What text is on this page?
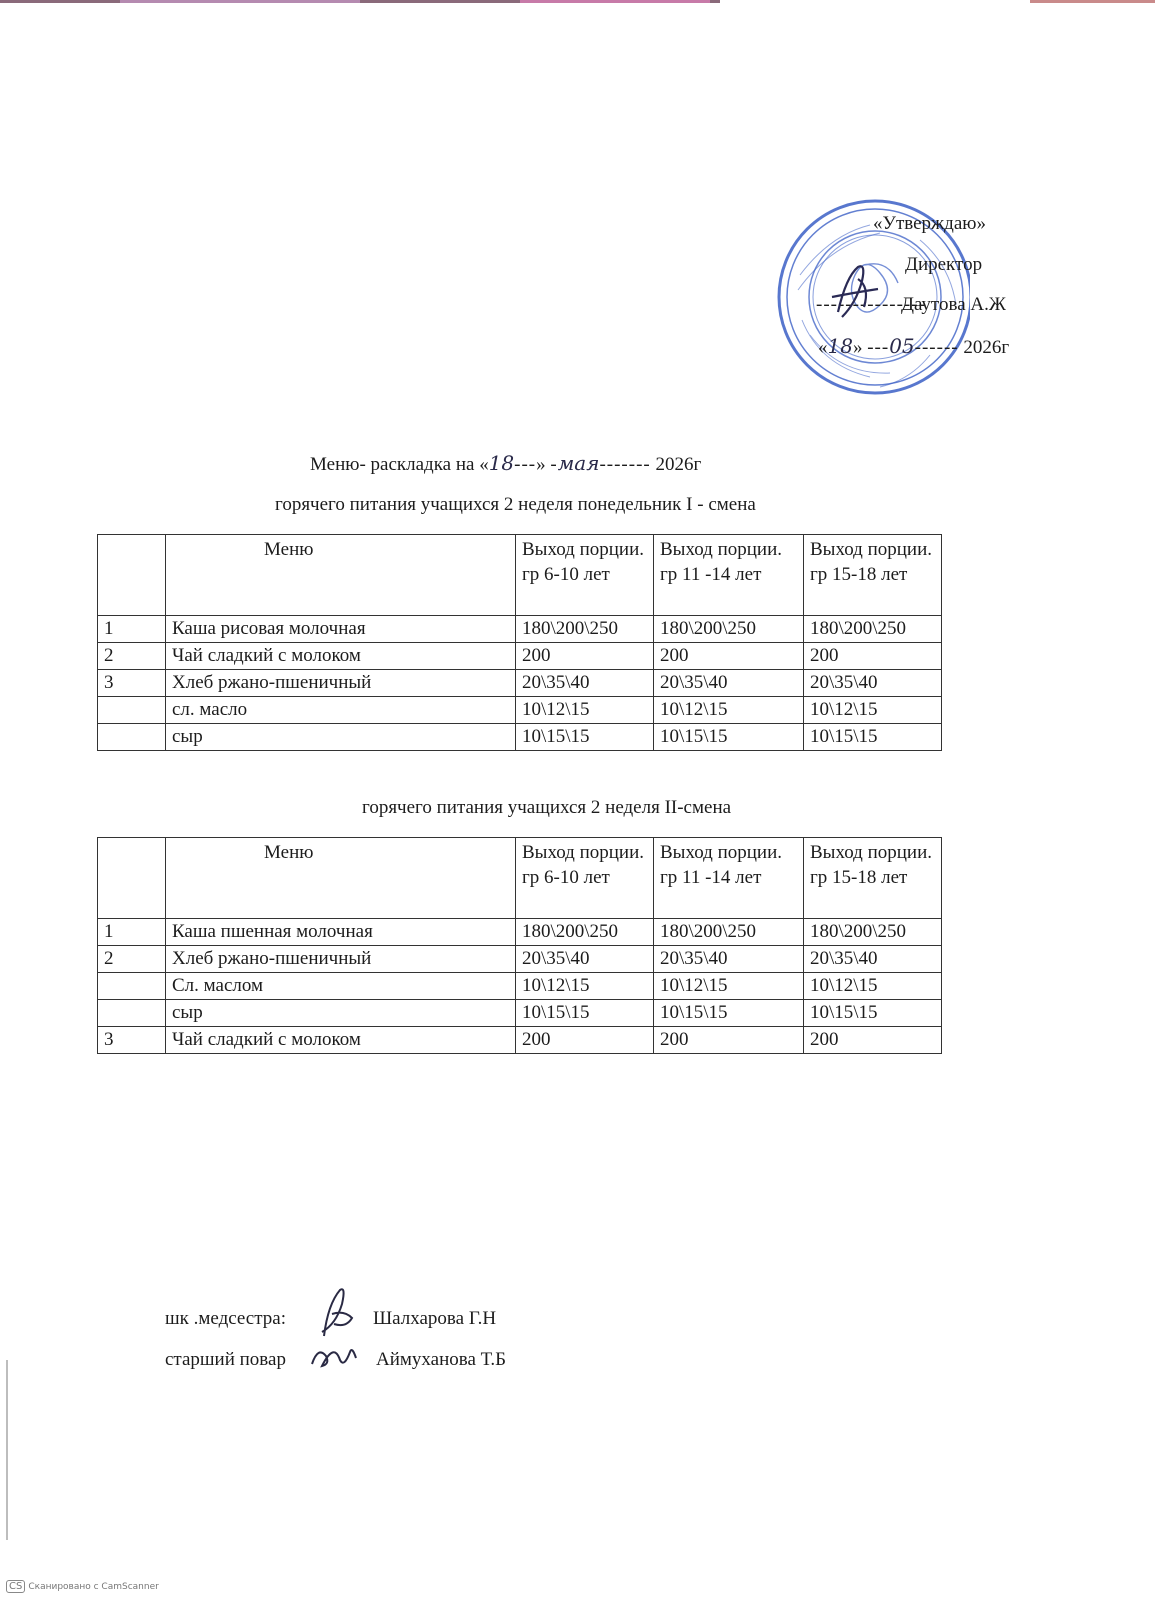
«Утверждаю»
Директор
---------------
Даутова А.Ж
«18» ---05------ 2026г
Меню- раскладка на «18---» -мая------- 2026г
горячего питания учащихся 2 неделя понедельник I - смена
	Меню	Выход порции. гр 6-10 лет	Выход порции. гр 11 -14 лет	Выход порции. гр 15-18 лет
1	Каша рисовая молочная	180\200\250	180\200\250	180\200\250
2	Чай сладкий с молоком	200	200	200
3	Хлеб ржано-пшеничный	20\35\40	20\35\40	20\35\40
	сл. масло	10\12\15	10\12\15	10\12\15
	сыр	10\15\15	10\15\15	10\15\15
горячего питания учащихся 2 неделя II-смена
	Меню	Выход порции. гр 6-10 лет	Выход порции. гр 11 -14 лет	Выход порции. гр 15-18 лет
1	Каша пшенная молочная	180\200\250	180\200\250	180\200\250
2	Хлеб ржано-пшеничный	20\35\40	20\35\40	20\35\40
	Сл. маслом	10\12\15	10\12\15	10\12\15
	сыр	10\15\15	10\15\15	10\15\15
3	Чай сладкий с молоком	200	200	200
шк .медсестра:	Шалхарова Г.Н
старший повар	Аймуханова Т.Б
CS Сканировано с CamScanner
